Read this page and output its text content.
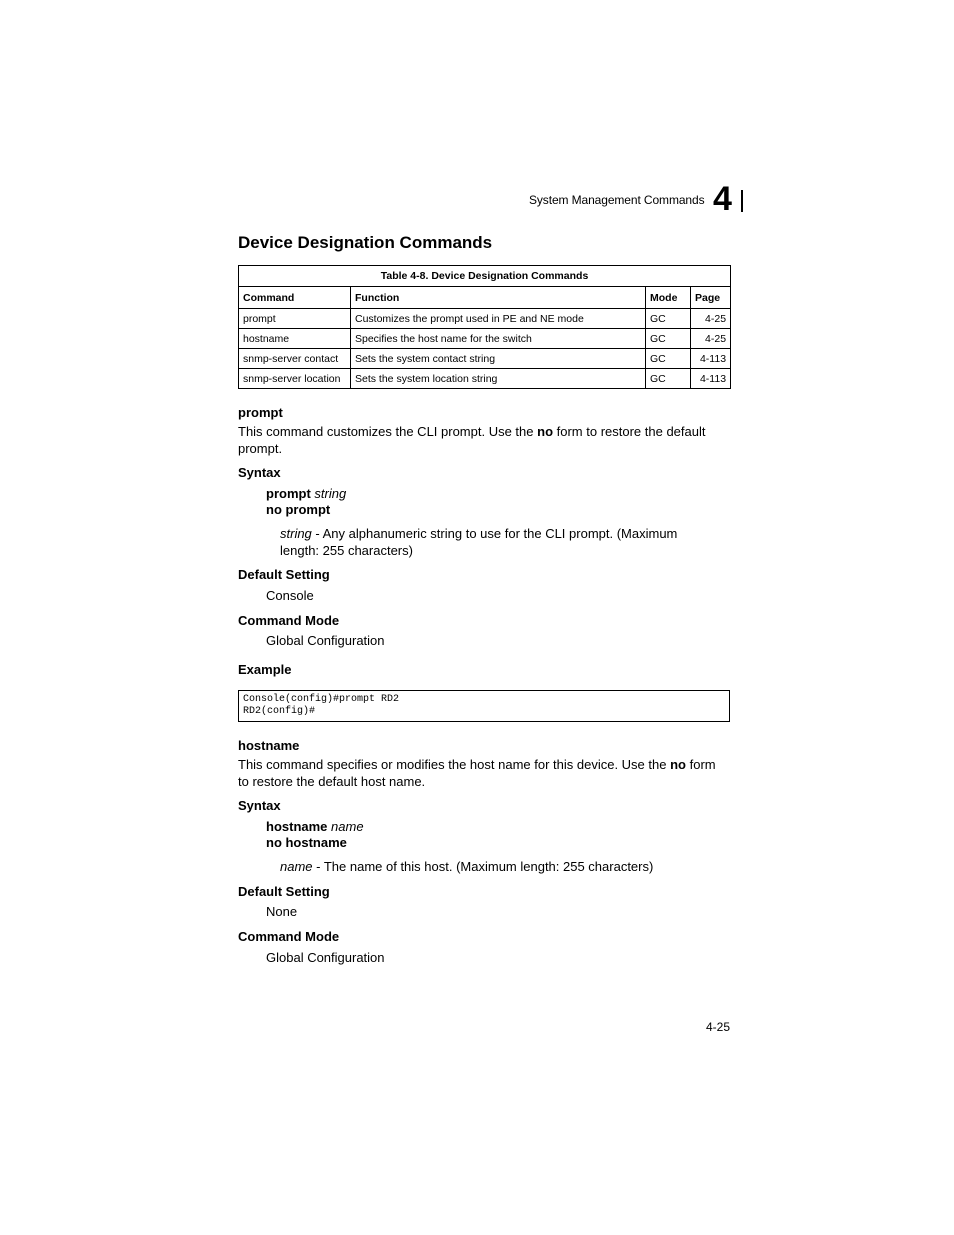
System Management Commands 4
Device Designation Commands
Table 4-8. Device Designation Commands			
Command	Function	Mode	Page
prompt	Customizes the prompt used in PE and NE mode	GC	4-25
hostname	Specifies the host name for the switch	GC	4-25
snmp-server contact	Sets the system contact string	GC	4-113
snmp-server location	Sets the system location string	GC	4-113
prompt
This command customizes the CLI prompt. Use the no form to restore the default
prompt.
Syntax
prompt string
no prompt
string - Any alphanumeric string to use for the CLI prompt. (Maximum
length: 255 characters)
Default Setting
Console
Command Mode
Global Configuration
Example
Console(config)#prompt RD2
RD2(config)#
hostname
This command specifies or modifies the host name for this device. Use the no form
to restore the default host name.
Syntax
hostname name
no hostname
name - The name of this host. (Maximum length: 255 characters)
Default Setting
None
Command Mode
Global Configuration
4-25
